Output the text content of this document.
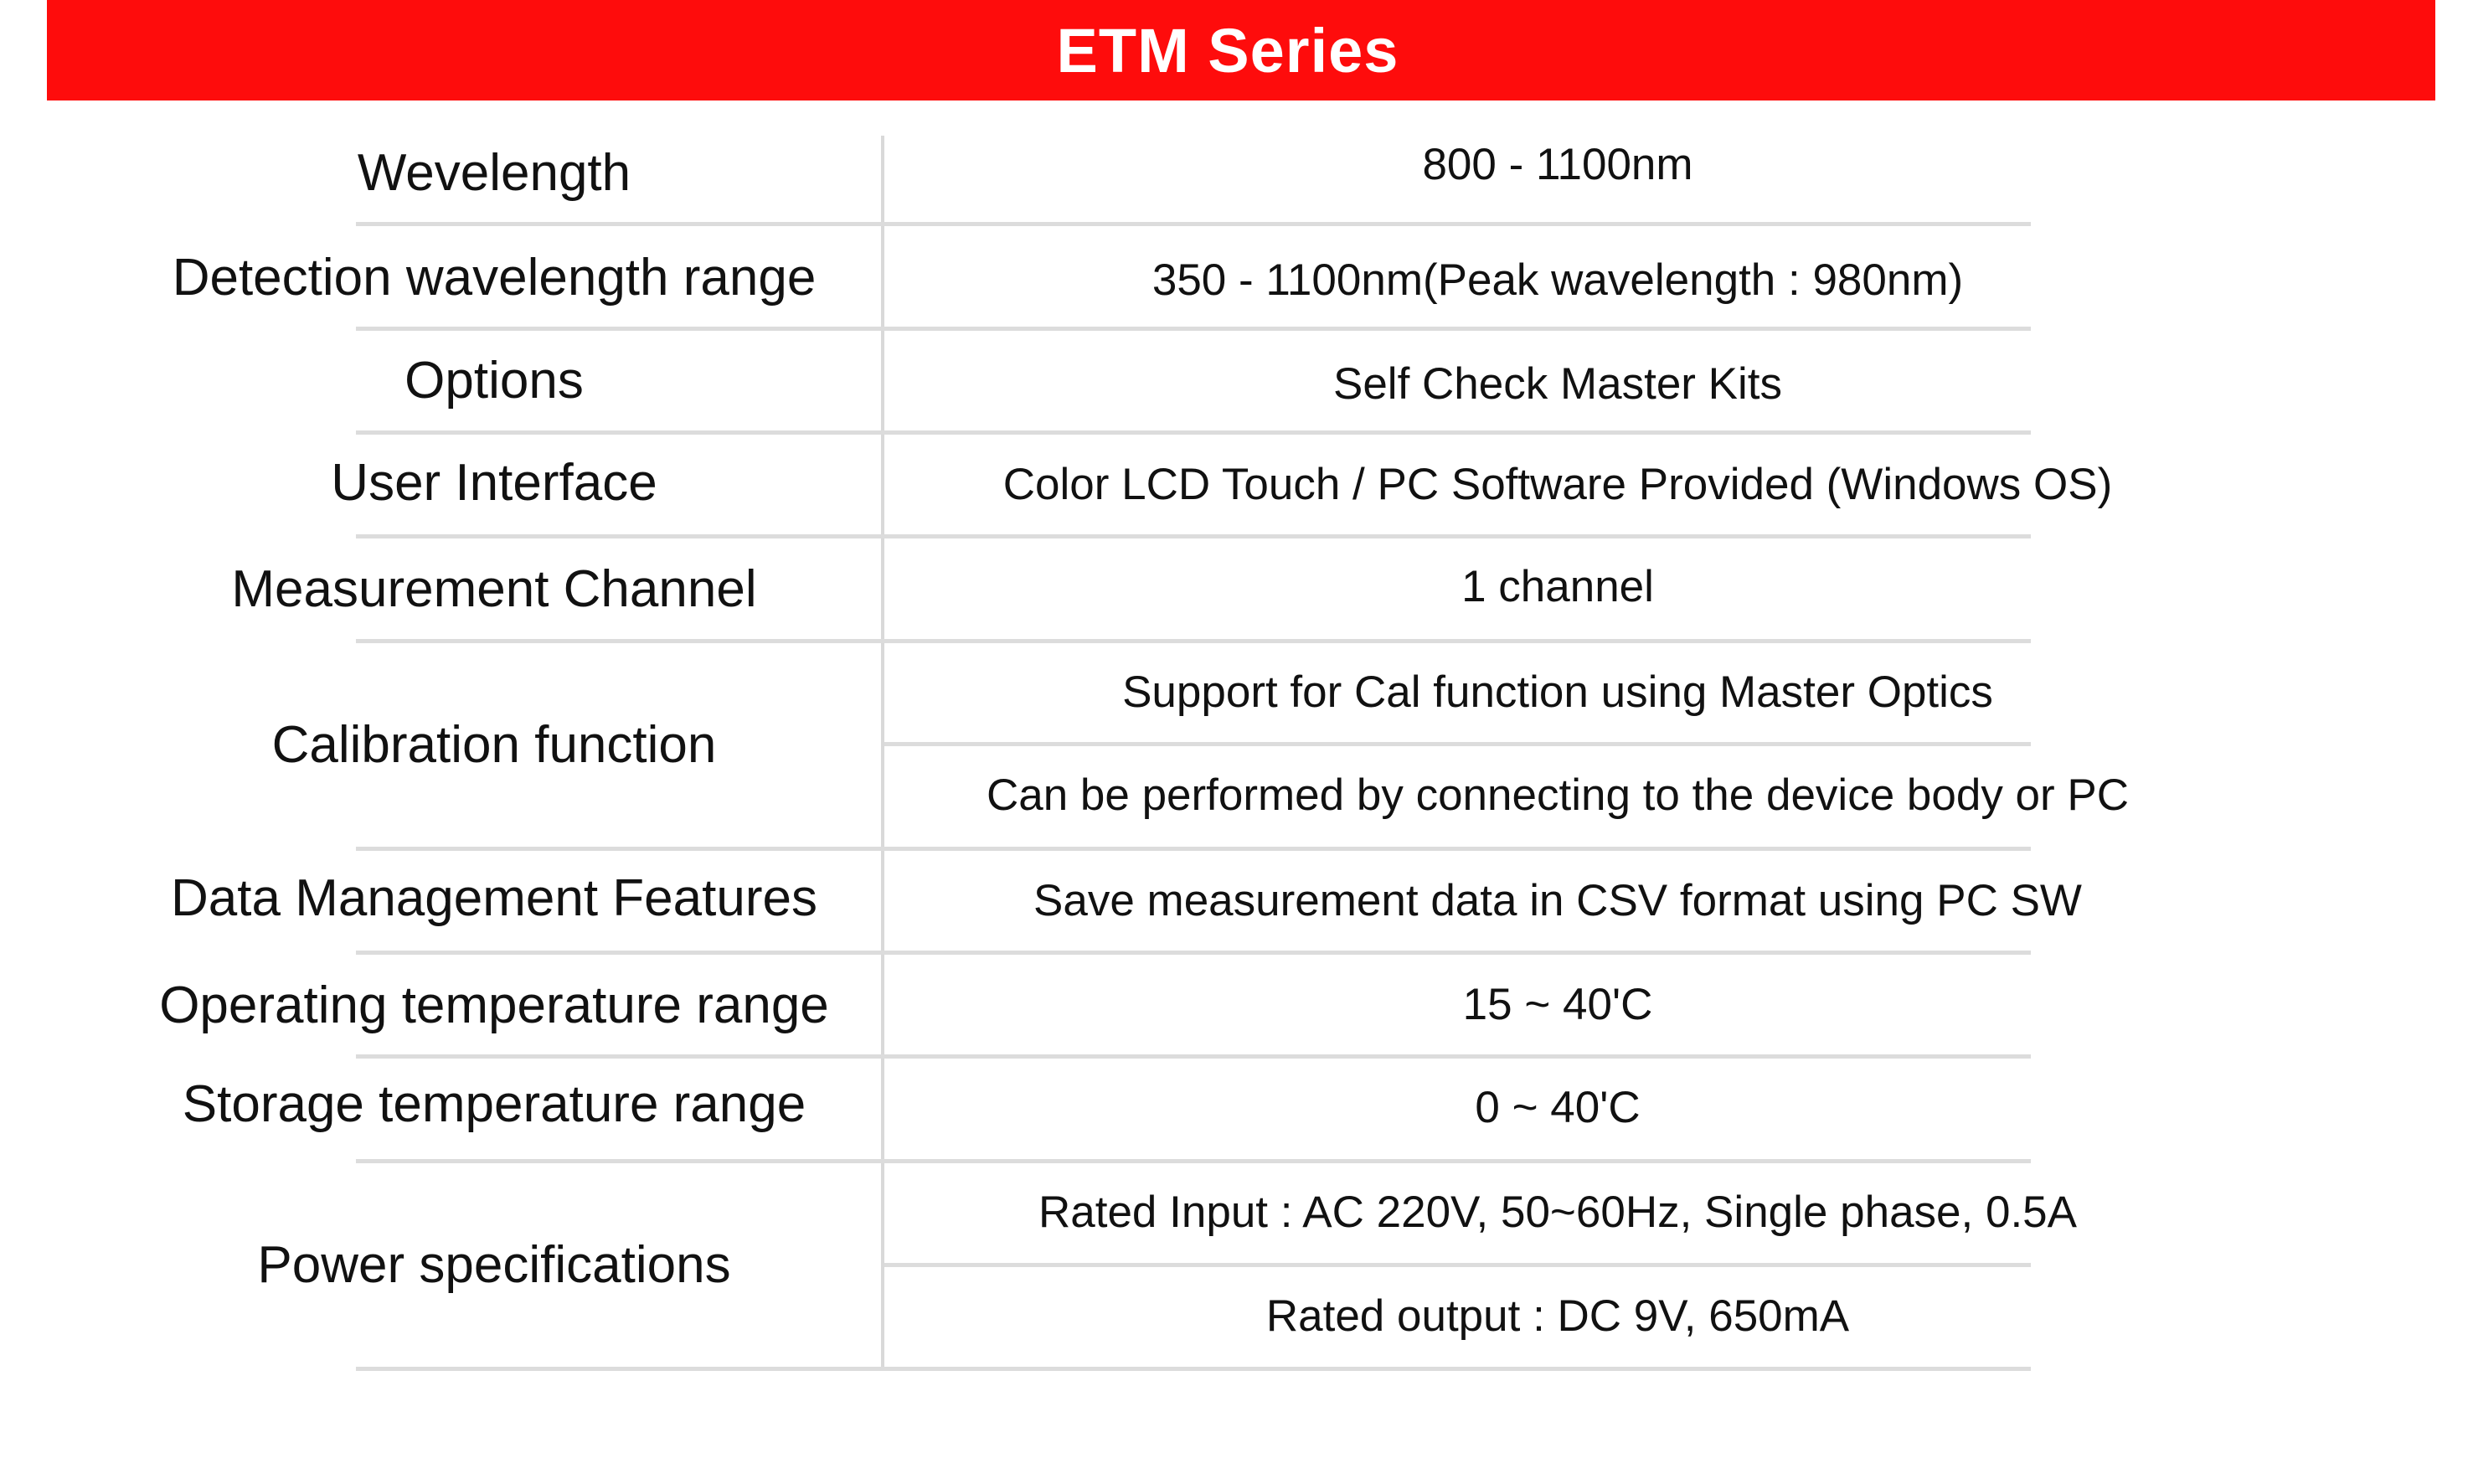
ETM Series
Wevelength	800 - 1100nm
Detection wavelength range	350 - 1100nm(Peak wavelength : 980nm)
Options	Self Check Master Kits
User Interface	Color LCD Touch / PC Software Provided (Windows OS)
Measurement Channel	1 channel
Calibration function
Support for Cal function using Master Optics
Can be performed by connecting to the device body or PC
Data Management Features	Save measurement data in CSV format using PC SW
Operating temperature range	15 ~ 40'C
Storage temperature range	0 ~ 40'C
Power specifications
Rated Input : AC 220V, 50~60Hz, Single phase, 0.5A
Rated output : DC 9V, 650mA
